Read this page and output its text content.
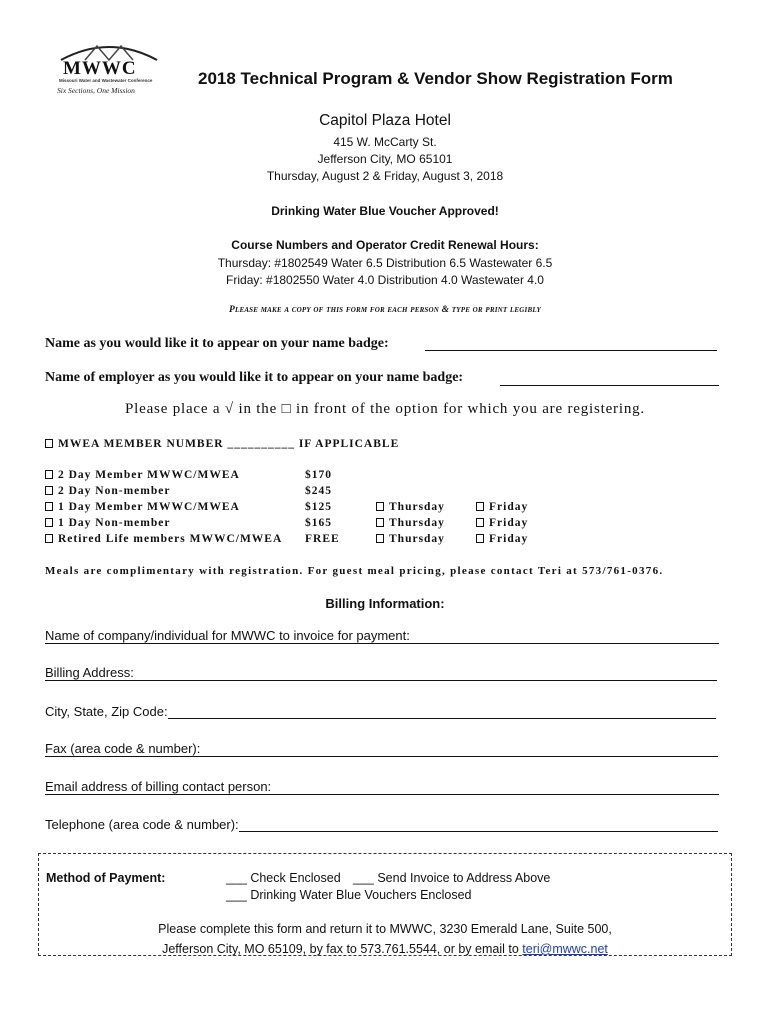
MWWC
Missouri Water and Wastewater Conference
Six Sections, One Mission
2018 Technical Program & Vendor Show Registration Form
Capitol Plaza Hotel
415 W. McCarty St.
Jefferson City, MO 65101
Thursday, August 2 & Friday, August 3, 2018
Drinking Water Blue Voucher Approved!
Course Numbers and Operator Credit Renewal Hours:
Thursday: #1802549 Water 6.5 Distribution 6.5 Wastewater 6.5
Friday: #1802550 Water 4.0 Distribution 4.0 Wastewater 4.0
Please make a copy of this form for each person & type or print legibly
Name as you would like it to appear on your name badge:
Name of employer as you would like it to appear on your name badge:
Please place a √ in the □ in front of the option for which you are registering.
MWEA MEMBER NUMBER __________ IF APPLICABLE
2 Day Member MWWC/MWEA	$170
2 Day Non-member	$245
1 Day Member MWWC/MWEA	$125	Thursday	Friday
1 Day Non-member	$165	Thursday	Friday
Retired Life members MWWC/MWEA FREE	Thursday	Friday
Meals are complimentary with registration. For guest meal pricing, please contact Teri at 573/761-0376.
Billing Information:
Name of company/individual for MWWC to invoice for payment:
Billing Address:
City, State, Zip Code:
Fax (area code & number):
Email address of billing contact person:
Telephone (area code & number):
Method of Payment:	___ Check Enclosed ___ Send Invoice to Address Above
___ Drinking Water Blue Vouchers Enclosed
Please complete this form and return it to MWWC, 3230 Emerald Lane, Suite 500,
Jefferson City, MO 65109, by fax to 573.761.5544, or by email to teri@mwwc.net
